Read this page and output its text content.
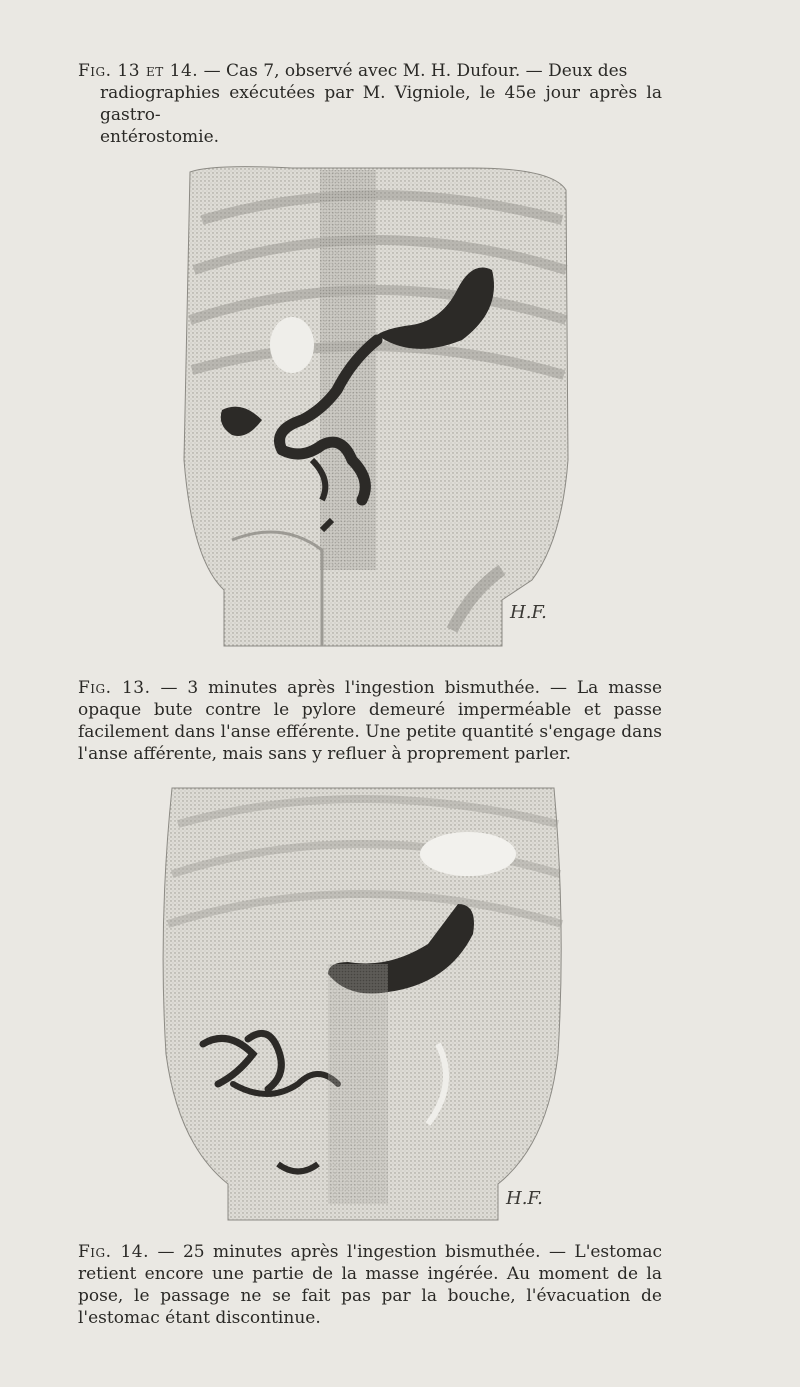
Fig. 13 et 14. — Cas 7, observé avec M. H. Dufour. — Deux des
radiographies exécutées par M. Vigniole, le 45e jour après la gastro-
entérostomie.
H.F.
Fig. 13. — 3 minutes après l'ingestion bismuthée. — La masse opaque bute contre le pylore demeuré imperméable et passe facilement dans l'anse efférente. Une petite quantité s'engage dans l'anse afférente, mais sans y refluer à proprement parler.
H.F.
Fig. 14. — 25 minutes après l'ingestion bismuthée. — L'estomac retient encore une partie de la masse ingérée. Au moment de la pose, le passage ne se fait pas par la bouche, l'évacuation de l'estomac étant discontinue.
